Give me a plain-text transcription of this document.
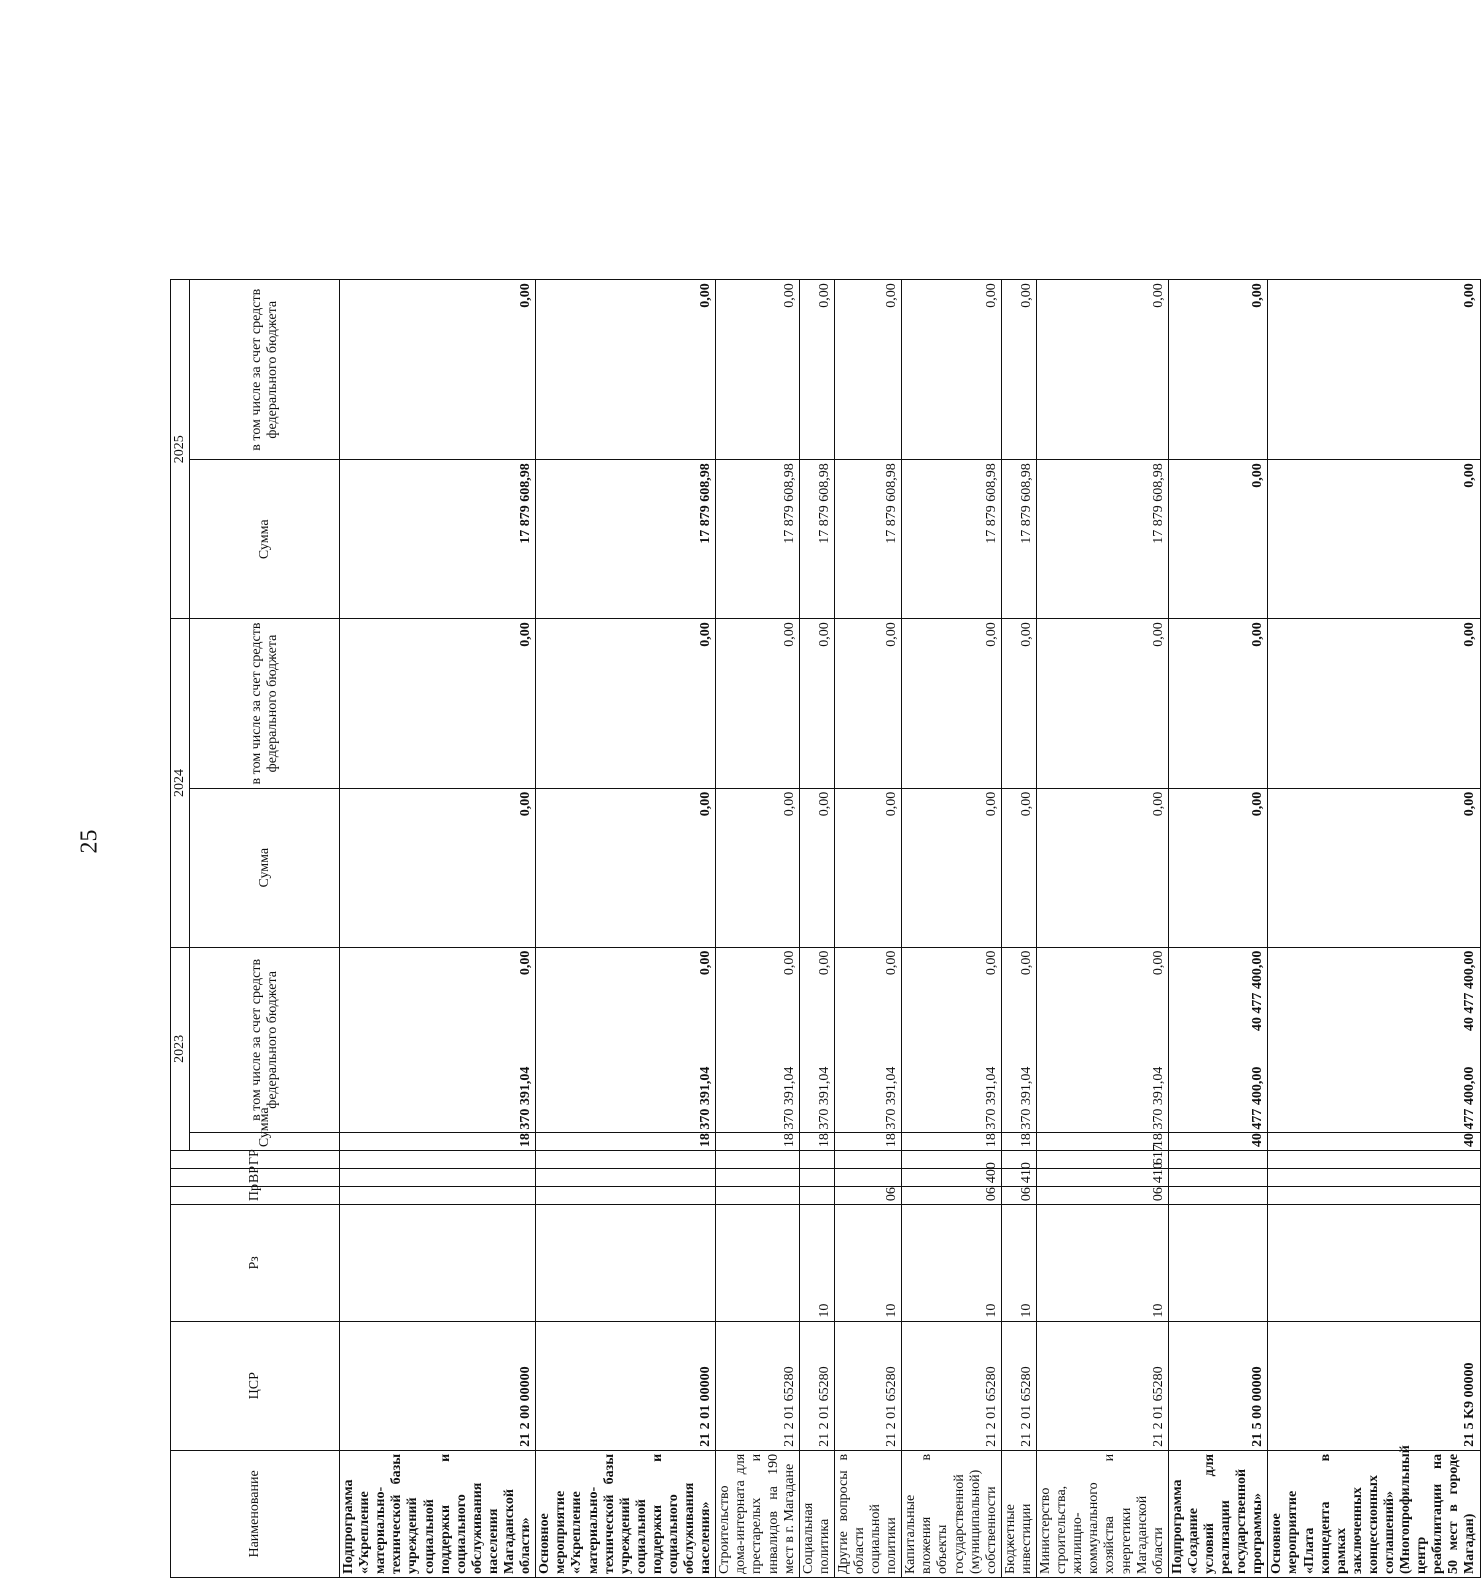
25
Наименование	ЦСР	Рз	Пр	ВР	ГР	2023		2024		2025	
						Сумма	в том числе за счет средств федерального бюджета	Сумма	в том числе за счет средств федерального бюджета	Сумма	в том числе за счет средств федерального бюджета
Подпрограмма «Укрепление материально-технической базы учреждений социальной поддержки и социального обслуживания населения Магаданской области»	21 2 00 00000					18 370 391,04	0,00	0,00	0,00	17 879 608,98	0,00
Основное мероприятие «Укрепление материально-технической базы учреждений социальной поддержки и социального обслуживания населения»	21 2 01 00000					18 370 391,04	0,00	0,00	0,00	17 879 608,98	0,00
Строительство дома-интерната для престарелых и инвалидов на 190 мест в г. Магадане	21 2 01 65280					18 370 391,04	0,00	0,00	0,00	17 879 608,98	0,00
Социальная политика	21 2 01 65280	10				18 370 391,04	0,00	0,00	0,00	17 879 608,98	0,00
Другие вопросы в области социальной политики	21 2 01 65280	10	06			18 370 391,04	0,00	0,00	0,00	17 879 608,98	0,00
Капитальные вложения в объекты государственной (муниципальной) собственности	21 2 01 65280	10	06	400		18 370 391,04	0,00	0,00	0,00	17 879 608,98	0,00
Бюджетные инвестиции	21 2 01 65280	10	06	410		18 370 391,04	0,00	0,00	0,00	17 879 608,98	0,00
Министерство строительства, жилищно-коммунального хозяйства и энергетики Магаданской области	21 2 01 65280	10	06	410	617	18 370 391,04	0,00	0,00	0,00	17 879 608,98	0,00
Подпрограмма «Создание условий для реализации государственной программы»	21 5 00 00000					40 477 400,00	40 477 400,00	0,00	0,00	0,00	0,00
Основное мероприятие «Плата концедента в рамках заключенных концессионных соглашений» (Многопрофильный центр реабилитации на 50 мест в городе Магадан)	21 5 K9 00000					40 477 400,00	40 477 400,00	0,00	0,00	0,00	0,00
